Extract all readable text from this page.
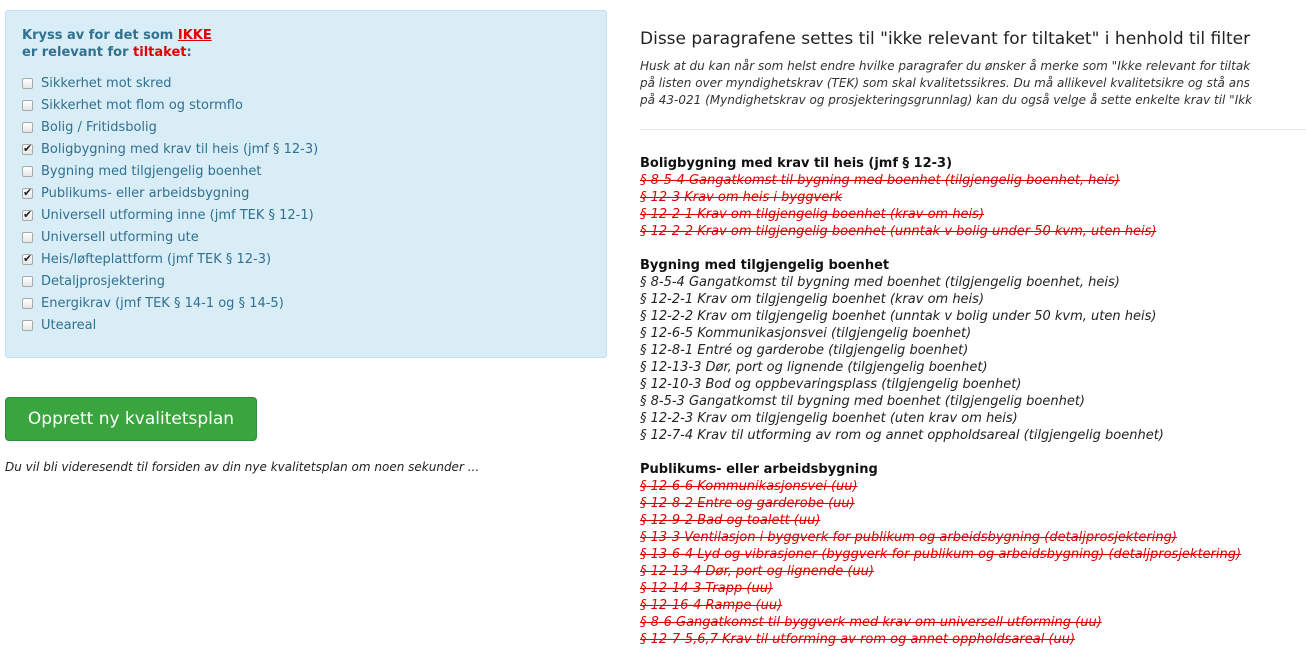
Kryss av for det som IKKE
er relevant for tiltaket:
Sikkerhet mot skred
Sikkerhet mot flom og stormflo
Bolig / Fritidsbolig
✔
Boligbygning med krav til heis (jmf § 12-3)
Bygning med tilgjengelig boenhet
✔
Publikums- eller arbeidsbygning
✔
Universell utforming inne (jmf TEK § 12-1)
Universell utforming ute
✔
Heis/løfteplattform (jmf TEK § 12-3)
Detaljprosjektering
Energikrav (jmf TEK § 14-1 og § 14-5)
Uteareal
Opprett ny kvalitetsplan
Du vil bli videresendt til forsiden av din nye kvalitetsplan om noen sekunder ...
Disse paragrafene settes til "ikke relevant for tiltaket" i henhold til filter
Husk at du kan når som helst endre hvilke paragrafer du ønsker å merke som "Ikke relevant for tiltak
på listen over myndighetskrav (TEK) som skal kvalitetssikres. Du må allikevel kvalitetsikre og stå ans
på 43-021 (Myndighetskrav og prosjekteringsgrunnlag) kan du også velge å sette enkelte krav til "Ikk
Boligbygning med krav til heis (jmf § 12-3)
§ 8-5-4 Gangatkomst til bygning med boenhet (tilgjengelig boenhet, heis)
§ 12-3 Krav om heis i byggverk
§ 12-2-1 Krav om tilgjengelig boenhet (krav om heis)
§ 12-2-2 Krav om tilgjengelig boenhet (unntak v bolig under 50 kvm, uten heis)
Bygning med tilgjengelig boenhet
§ 8-5-4 Gangatkomst til bygning med boenhet (tilgjengelig boenhet, heis)
§ 12-2-1 Krav om tilgjengelig boenhet (krav om heis)
§ 12-2-2 Krav om tilgjengelig boenhet (unntak v bolig under 50 kvm, uten heis)
§ 12-6-5 Kommunikasjonsvei (tilgjengelig boenhet)
§ 12-8-1 Entré og garderobe (tilgjengelig boenhet)
§ 12-13-3 Dør, port og lignende (tilgjengelig boenhet)
§ 12-10-3 Bod og oppbevaringsplass (tilgjengelig boenhet)
§ 8-5-3 Gangatkomst til bygning med boenhet (tilgjengelig boenhet)
§ 12-2-3 Krav om tilgjengelig boenhet (uten krav om heis)
§ 12-7-4 Krav til utforming av rom og annet oppholdsareal (tilgjengelig boenhet)
Publikums- eller arbeidsbygning
§ 12-6-6 Kommunikasjonsvei (uu)
§ 12-8-2 Entre og garderobe (uu)
§ 12-9-2 Bad og toalett (uu)
§ 13-3 Ventilasjon i byggverk for publikum og arbeidsbygning (detaljprosjektering)
§ 13-6-4 Lyd og vibrasjoner (byggverk for publikum og arbeidsbygning) (detaljprosjektering)
§ 12-13-4 Dør, port og lignende (uu)
§ 12-14-3 Trapp (uu)
§ 12-16-4 Rampe (uu)
§ 8-6 Gangatkomst til byggverk med krav om universell utforming (uu)
§ 12-7-5,6,7 Krav til utforming av rom og annet oppholdsareal (uu)
